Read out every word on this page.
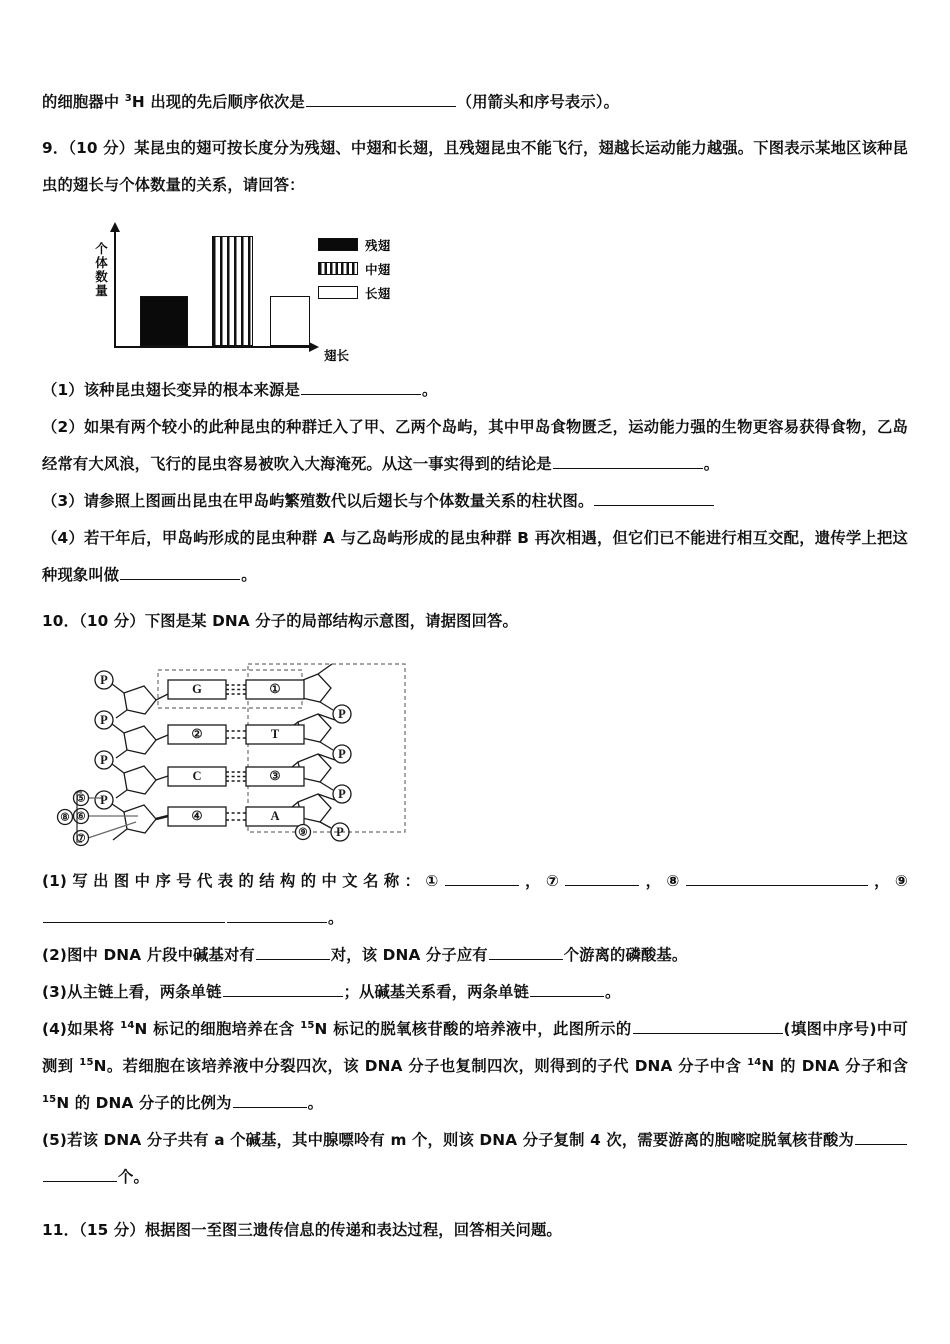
的细胞器中 $^3$H 出现的先后顺序依次是	（用箭头和序号表示）。

9．（10 分）某昆虫的翅可按长度分为残翅、中翅和长翅，且残翅昆虫不能飞行，翅越长运动能力越强。下图表示某地区该种昆虫的翅长与个体数量的关系，请回答：

个体数量
翅长
残翅
中翅
长翅

（1）该种昆虫翅长变异的根本来源是	。

（2）如果有两个较小的此种昆虫的种群迁入了甲、乙两个岛屿，其中甲岛食物匮乏，运动能力强的生物更容易获得食物，乙岛经常有大风浪，飞行的昆虫容易被吹入大海淹死。从这一事实得到的结论是	。

（3）请参照上图画出昆虫在甲岛屿繁殖数代以后翅长与个体数量关系的柱状图。

（4）若干年后，甲岛屿形成的昆虫种群 A 与乙岛屿形成的昆虫种群 B 再次相遇，但它们已不能进行相互交配，遗传学上把这种现象叫做	。

10．（10 分）下图是某 DNA 分子的局部结构示意图，请据图回答。

P
P
P
P
P
P
P
P
G
②
C
④
①
T
③
A
⑤
⑥
⑦
⑧
⑨

(1)写出图中序号代表的结构的中文名称：①	，⑦	，⑧	，⑨。

(2)图中 DNA 片段中碱基对有	对，该 DNA 分子应有	个游离的磷酸基。

(3)从主链上看，两条单链	；从碱基关系看，两条单链	。

(4)如果将 $^{14}$N 标记的细胞培养在含 $^{15}$N 标记的脱氧核苷酸的培养液中，此图所示的	(填图中序号)中可测到 $^{15}$N。若细胞在该培养液中分裂四次，该 DNA 分子也复制四次，则得到的子代 DNA 分子中含 $^{14}$N 的 DNA 分子和含 $^{15}$N 的 DNA 分子的比例为	。

(5)若该 DNA 分子共有 a 个碱基，其中腺嘌呤有 m 个，则该 DNA 分子复制 4 次，需要游离的胞嘧啶脱氧核苷酸为个。

11．（15 分）根据图一至图三遗传信息的传递和表达过程，回答相关问题。
